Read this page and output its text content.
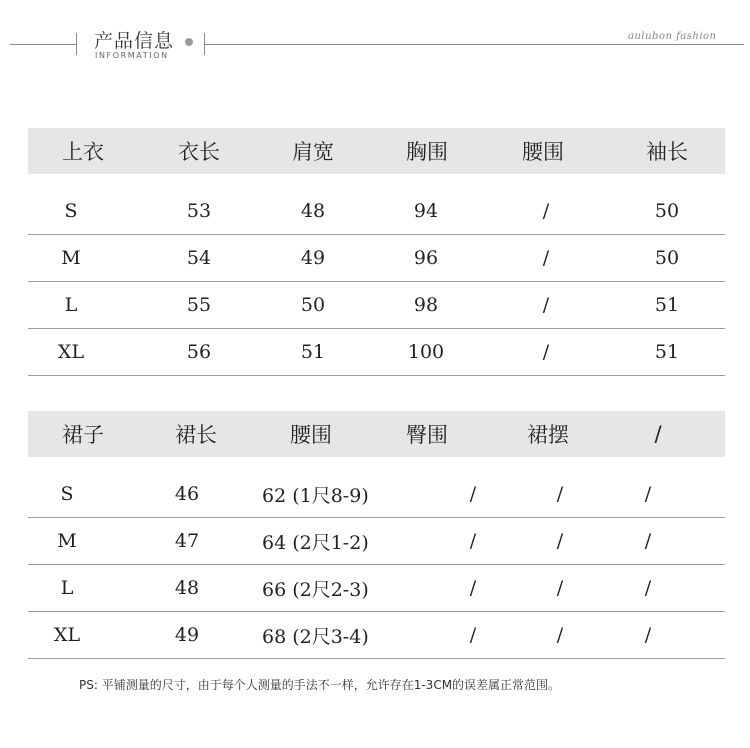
产品信息
INFORMATION
aulubon fashion
上衣	衣长	肩宽	胸围	腰围	袖长
S	53	48	94	/	50
M	54	49	96	/	50
L	55	50	98	/	51
XL	56	51	100	/	51
裙子	裙长	腰围	臀围	裙摆	/
S	46	62 (1尺8-9)	/	/	/
M	47	64 (2尺1-2)	/	/	/
L	48	66 (2尺2-3)	/	/	/
XL	49	68 (2尺3-4)	/	/	/
PS: 平铺测量的尺寸，由于每个人测量的手法不一样，允许存在1-3CM的误差属正常范围。
